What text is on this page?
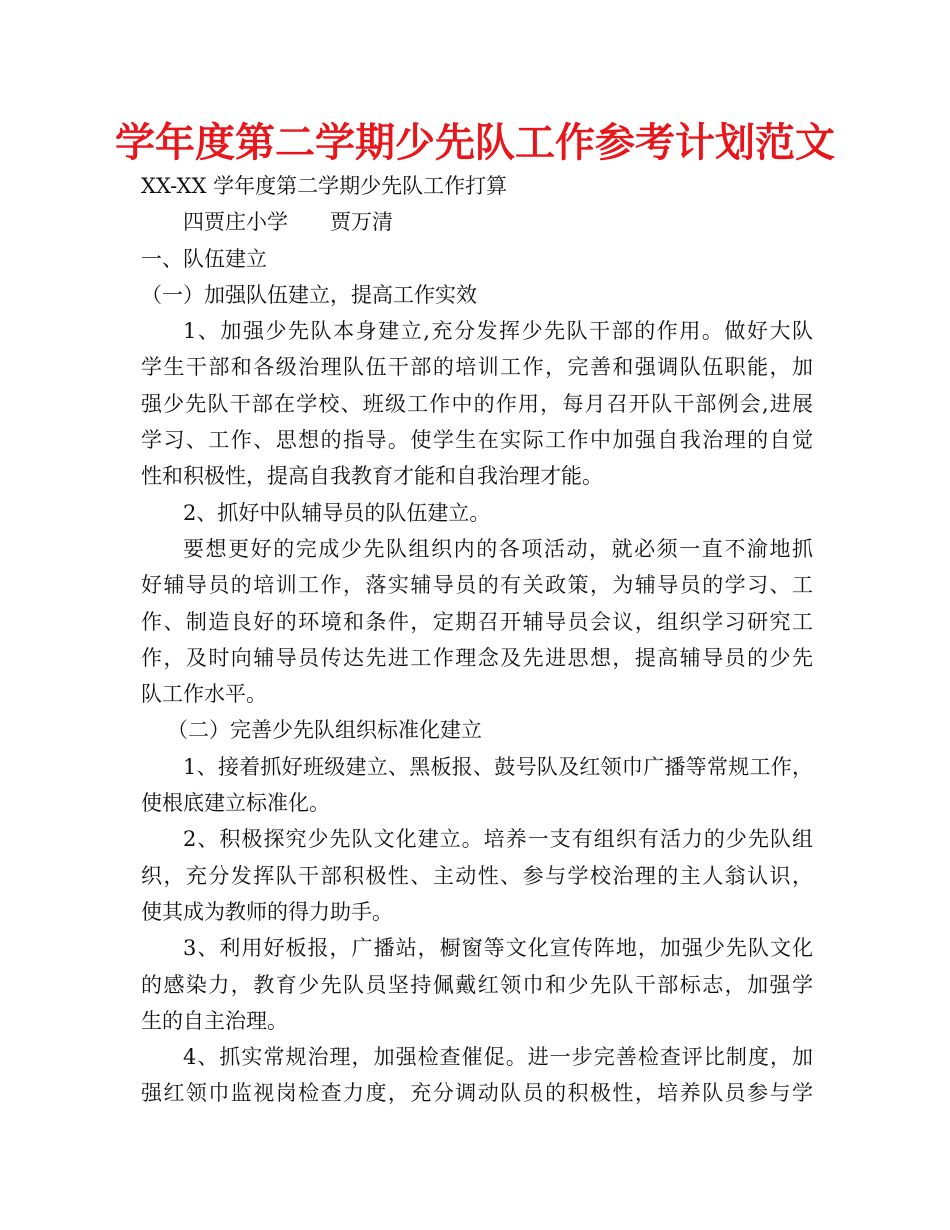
学年度第二学期少先队工作参考计划范文
XX-XX 学年度第二学期少先队工作打算
四贾庄小学　　贾万清
一、队伍建立
（一）加强队伍建立，提高工作实效
1、加强少先队本身建立,充分发挥少先队干部的作用。做好大队
学生干部和各级治理队伍干部的培训工作，完善和强调队伍职能，加
强少先队干部在学校、班级工作中的作用，每月召开队干部例会,进展
学习、工作、思想的指导。使学生在实际工作中加强自我治理的自觉
性和积极性，提高自我教育才能和自我治理才能。
2、抓好中队辅导员的队伍建立。
要想更好的完成少先队组织内的各项活动，就必须一直不渝地抓
好辅导员的培训工作，落实辅导员的有关政策，为辅导员的学习、工
作、制造良好的环境和条件，定期召开辅导员会议，组织学习研究工
作，及时向辅导员传达先进工作理念及先进思想，提高辅导员的少先
队工作水平。
（二）完善少先队组织标准化建立
1、接着抓好班级建立、黑板报、鼓号队及红领巾广播等常规工作，
使根底建立标准化。
2、积极探究少先队文化建立。培养一支有组织有活力的少先队组
织，充分发挥队干部积极性、主动性、参与学校治理的主人翁认识，
使其成为教师的得力助手。
3、利用好板报，广播站，橱窗等文化宣传阵地，加强少先队文化
的感染力，教育少先队员坚持佩戴红领巾和少先队干部标志，加强学
生的自主治理。
4、抓实常规治理，加强检查催促。进一步完善检查评比制度，加
强红领巾监视岗检查力度，充分调动队员的积极性，培养队员参与学
